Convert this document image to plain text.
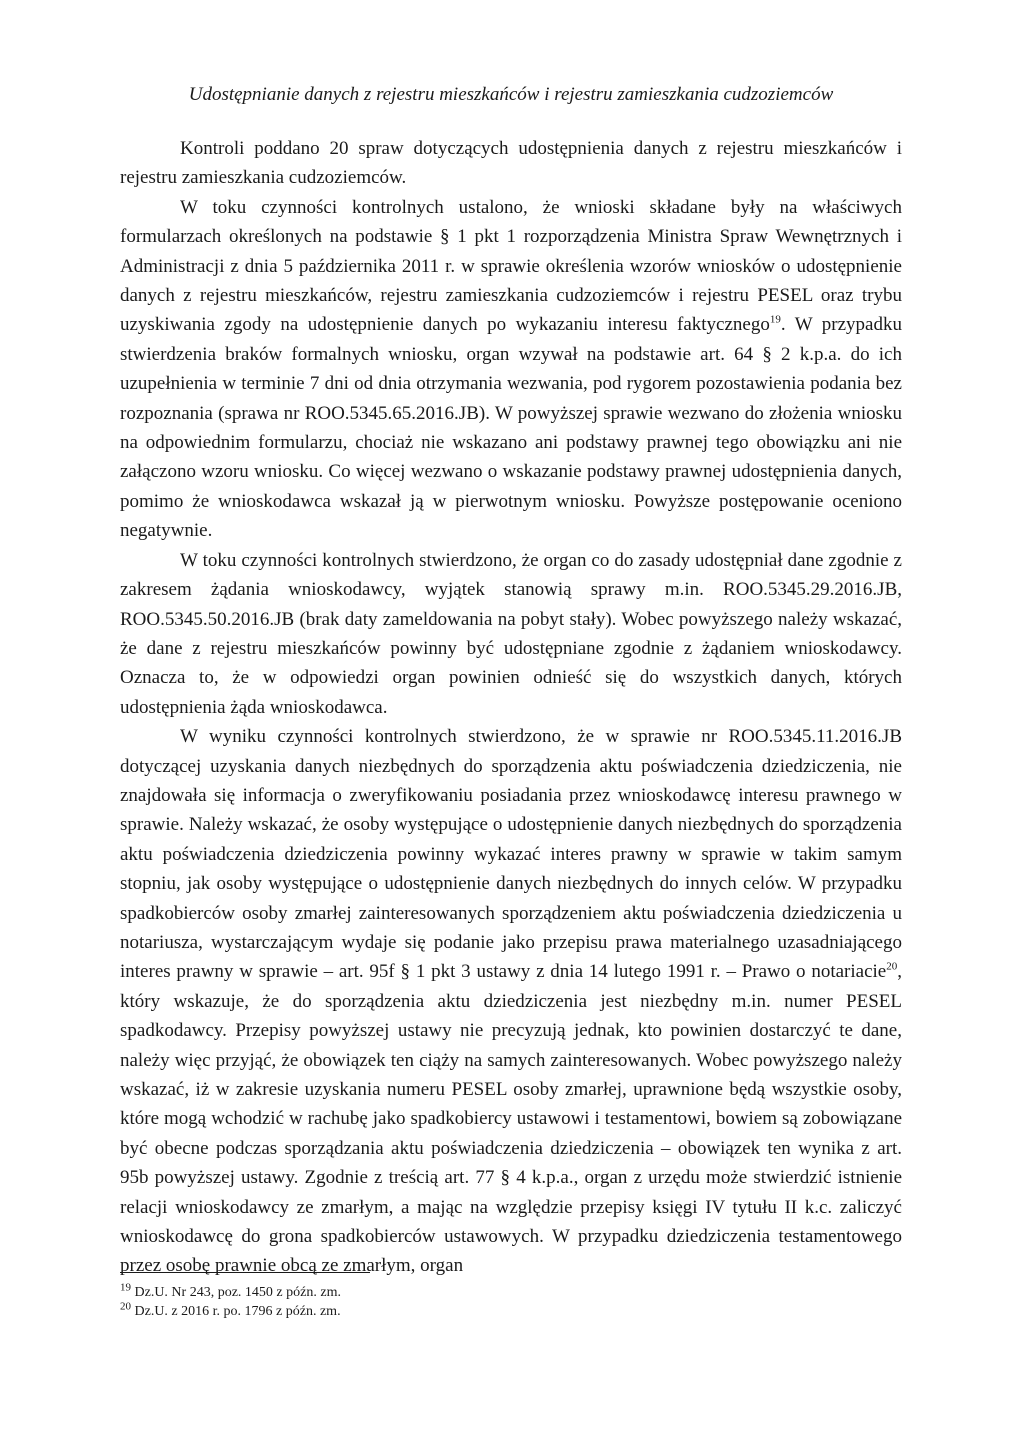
Udostępnianie danych z rejestru mieszkańców i rejestru zamieszkania cudzoziemców

Kontroli poddano 20 spraw dotyczących udostępnienia danych z rejestru mieszkańców i rejestru zamieszkania cudzoziemców.

W toku czynności kontrolnych ustalono, że wnioski składane były na właściwych formularzach określonych na podstawie § 1 pkt 1 rozporządzenia Ministra Spraw Wewnętrznych i Administracji z dnia 5 października 2011 r. w sprawie określenia wzorów wniosków o udostępnienie danych z rejestru mieszkańców, rejestru zamieszkania cudzoziemców i rejestru PESEL oraz trybu uzyskiwania zgody na udostępnienie danych po wykazaniu interesu faktycznego$^{19}$. W przypadku stwierdzenia braków formalnych wniosku, organ wzywał na podstawie art. 64 § 2 k.p.a. do ich uzupełnienia w terminie 7 dni od dnia otrzymania wezwania, pod rygorem pozostawienia podania bez rozpoznania (sprawa nr ROO.5345.65.2016.JB). W powyższej sprawie wezwano do złożenia wniosku na odpowiednim formularzu, chociaż nie wskazano ani podstawy prawnej tego obowiązku ani nie załączono wzoru wniosku. Co więcej wezwano o wskazanie podstawy prawnej udostępnienia danych, pomimo że wnioskodawca wskazał ją w pierwotnym wniosku. Powyższe postępowanie oceniono negatywnie.

W toku czynności kontrolnych stwierdzono, że organ co do zasady udostępniał dane zgodnie z zakresem żądania wnioskodawcy, wyjątek stanowią sprawy m.in. ROO.5345.29.2016.JB, ROO.5345.50.2016.JB (brak daty zameldowania na pobyt stały). Wobec powyższego należy wskazać, że dane z rejestru mieszkańców powinny być udostępniane zgodnie z żądaniem wnioskodawcy. Oznacza to, że w odpowiedzi organ powinien odnieść się do wszystkich danych, których udostępnienia żąda wnioskodawca.

W wyniku czynności kontrolnych stwierdzono, że w sprawie nr ROO.5345.11.2016.JB dotyczącej uzyskania danych niezbędnych do sporządzenia aktu poświadczenia dziedziczenia, nie znajdowała się informacja o zweryfikowaniu posiadania przez wnioskodawcę interesu prawnego w sprawie. Należy wskazać, że osoby występujące o udostępnienie danych niezbędnych do sporządzenia aktu poświadczenia dziedziczenia powinny wykazać interes prawny w sprawie w takim samym stopniu, jak osoby występujące o udostępnienie danych niezbędnych do innych celów. W przypadku spadkobierców osoby zmarłej zainteresowanych sporządzeniem aktu poświadczenia dziedziczenia u notariusza, wystarczającym wydaje się podanie jako przepisu prawa materialnego uzasadniającego interes prawny w sprawie – art. 95f § 1 pkt 3 ustawy z dnia 14 lutego 1991 r. – Prawo o notariacie$^{20}$, który wskazuje, że do sporządzenia aktu dziedziczenia jest niezbędny m.in. numer PESEL spadkodawcy. Przepisy powyższej ustawy nie precyzują jednak, kto powinien dostarczyć te dane, należy więc przyjąć, że obowiązek ten ciąży na samych zainteresowanych. Wobec powyższego należy wskazać, iż w zakresie uzyskania numeru PESEL osoby zmarłej, uprawnione będą wszystkie osoby, które mogą wchodzić w rachubę jako spadkobiercy ustawowi i testamentowi, bowiem są zobowiązane być obecne podczas sporządzania aktu poświadczenia dziedziczenia – obowiązek ten wynika z art. 95b powyższej ustawy. Zgodnie z treścią art. 77 § 4 k.p.a., organ z urzędu może stwierdzić istnienie relacji wnioskodawcy ze zmarłym, a mając na względzie przepisy księgi IV tytułu II k.c. zaliczyć wnioskodawcę do grona spadkobierców ustawowych. W przypadku dziedziczenia testamentowego przez osobę prawnie obcą ze zmarłym, organ

$^{19}$ Dz.U. Nr 243, poz. 1450 z późn. zm.

$^{20}$ Dz.U. z 2016 r. po. 1796 z późn. zm.
